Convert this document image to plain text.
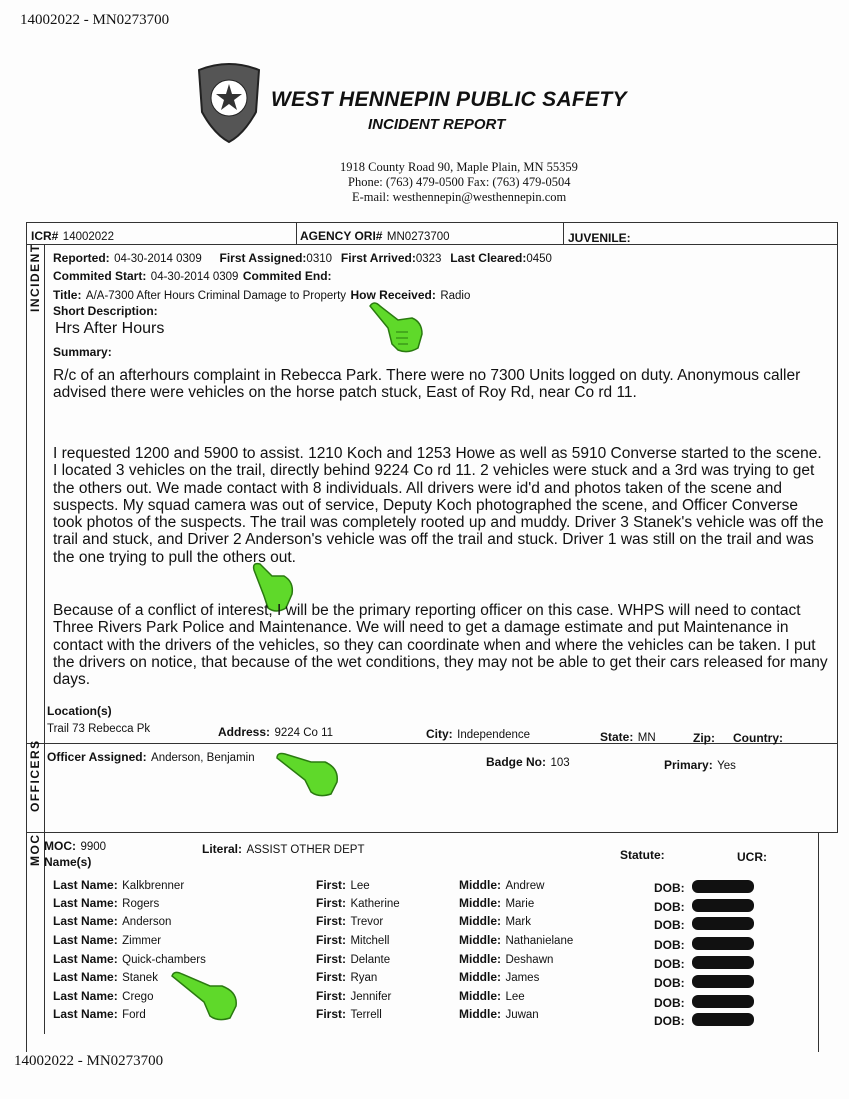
14002022 - MN0273700
WEST HENNEPIN PUBLIC SAFETY
INCIDENT REPORT
1918 County Road 90, Maple Plain, MN 55359
Phone: (763) 479-0500 Fax: (763) 479-0504
E-mail: westhennepin@westhennepin.com
ICR# 14002022	AGENCY ORI# MN0273700	JUVENILE:
INCIDENT
OFFICERS
MOC
Reported: 04-30-2014 0309 First Assigned:0310 First Arrived:0323 Last Cleared:0450
Commited Start: 04-30-2014 0309 Commited End:
Title: A/A-7300 After Hours Criminal Damage to Property How Received: Radio
Short Description:
Hrs After Hours
Summary:
R/c of an afterhours complaint in Rebecca Park. There were no 7300 Units logged on duty. Anonymous caller advised there were vehicles on the horse patch stuck, East of Roy Rd, near Co rd 11.
I requested 1200 and 5900 to assist. 1210 Koch and 1253 Howe as well as 5910 Converse started to the scene. I located 3 vehicles on the trail, directly behind 9224 Co rd 11. 2 vehicles were stuck and a 3rd was trying to get the others out. We made contact with 8 individuals. All drivers were id'd and photos taken of the scene and suspects. My squad camera was out of service, Deputy Koch photographed the scene, and Officer Converse took photos of the suspects. The trail was completely rooted up and muddy. Driver 3 Stanek's vehicle was off the trail and stuck, and Driver 2 Anderson's vehicle was off the trail and stuck. Driver 1 was still on the trail and was the one trying to pull the others out.
Because of a conflict of interest, I will be the primary reporting officer on this case. WHPS will need to contact Three Rivers Park Police and Maintenance. We will need to get a damage estimate and put Maintenance in contact with the drivers of the vehicles, so they can coordinate when and where the vehicles can be taken. I put the drivers on notice, that because of the wet conditions, they may not be able to get their cars released for many days.
Location(s)
Trail 73 Rebecca Pk	Address: 9224 Co 11	City: Independence	State: MN	Zip: Country:
Officer Assigned: Anderson, Benjamin	Badge No: 103	Primary: Yes
MOC: 9900	Literal: ASSIST OTHER DEPT	Statute:	UCR:
Name(s)
Last Name: Kalkbrenner	First: Lee	Middle: Andrew	DOB:
Last Name: Rogers	First: Katherine	Middle: Marie	DOB:
Last Name: Anderson	First: Trevor	Middle: Mark	DOB:
Last Name: Zimmer	First: Mitchell	Middle: Nathanielane	DOB:
Last Name: Quick-chambers	First: Delante	Middle: Deshawn	DOB:
Last Name: Stanek	First: Ryan	Middle: James	DOB:
Last Name: Crego	First: Jennifer	Middle: Lee	DOB:
Last Name: Ford	First: Terrell	Middle: Juwan	DOB:
14002022 - MN0273700
